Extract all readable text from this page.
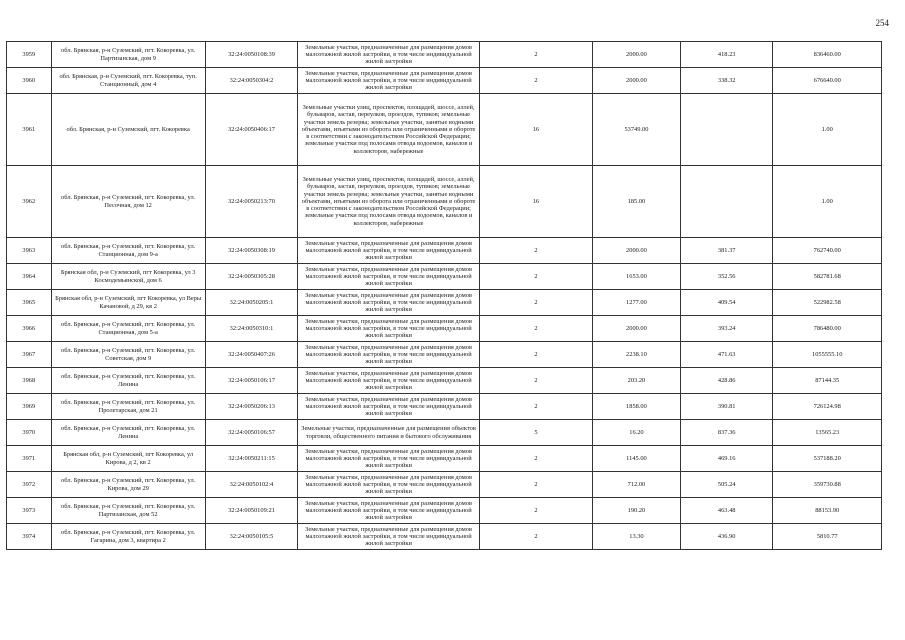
254
3959	обл. Брянская, р-н Суземский, пгт. Кокоревка, ул. Партизанская, дом 9	32:24:0050108:39	Земельные участки, предназначенные для размещения домов малоэтажной жилой застройки, в том числе индивидуальной жилой застройки	2	2000.00	418.23	836460.00
3960	обл. Брянская, р-н Суземский, пгт. Кокоревка, туп. Станционный, дом 4	32:24:0050304:2	Земельные участки, предназначенные для размещения домов малоэтажной жилой застройки, в том числе индивидуальной жилой застройки	2	2000.00	338.32	676640.00
3961	обл. Брянская, р-н Суземский, пгт. Кокоревка	32:24:0050406:17	Земельные участки улиц, проспектов, площадей, шоссе, аллей, бульваров, застав, переулков, проездов, тупиков; земельные участки земель резерва; земельные участки, занятые водными объектами, изъятыми из оборота или ограниченными в обороте в соответствии с законодательством Российской Федерации; земельные участки под полосами отвода водоемов, каналов и коллекторов, набережные	16	53749.00		1.00
3962	обл. Брянская, р-н Суземский, пгт. Кокоревка, ул. Песочная, дом 12	32:24:0050213:70	Земельные участки улиц, проспектов, площадей, шоссе, аллей, бульваров, застав, переулков, проездов, тупиков; земельные участки земель резерва; земельные участки, занятые водными объектами, изъятыми из оборота или ограниченными в обороте в соответствии с законодательством Российской Федерации; земельные участки под полосами отвода водоемов, каналов и коллекторов, набережные	16	185.00		1.00
3963	обл. Брянская, р-н Суземский, пгт. Кокоревка, ул. Станционная, дом 9-а	32:24:0050308:19	Земельные участки, предназначенные для размещения домов малоэтажной жилой застройки, в том числе индивидуальной жилой застройки	2	2000.00	381.37	762740.00
3964	Брянская обл, р-н Суземский, пгт Кокоревка, ул 3 Космодемьянской, дом 6	32:24:0050305:28	Земельные участки, предназначенные для размещения домов малоэтажной жилой застройки, в том числе индивидуальной жилой застройки	2	1653.00	352.56	582781.68
3965	Брянская обл, р-н Суземский, пгт Кокоревка, ул Веры Качановой, д 29, кв 2	32:24:0050205:1	Земельные участки, предназначенные для размещения домов малоэтажной жилой застройки, в том числе индивидуальной жилой застройки	2	1277.00	409.54	522982.58
3966	обл. Брянская, р-н Суземский, пгт. Кокоревка, ул. Станционная, дом 5-а	32:24:0050310:1	Земельные участки, предназначенные для размещения домов малоэтажной жилой застройки, в том числе индивидуальной жилой застройки	2	2000.00	393.24	786480.00
3967	обл. Брянская, р-н Суземский, пгт. Кокоревка, ул. Советская, дом 9	32:24:0050407:26	Земельные участки, предназначенные для размещения домов малоэтажной жилой застройки, в том числе индивидуальной жилой застройки	2	2238.10	471.63	1055555.10
3968	обл. Брянская, р-н Суземский, пгт. Кокоревка, ул. Ленина	32:24:0050106:17	Земельные участки, предназначенные для размещения домов малоэтажной жилой застройки, в том числе индивидуальной жилой застройки	2	203.20	428.86	87144.35
3969	обл. Брянская, р-н Суземский, пгт. Кокоревка, ул. Пролетарская, дом 21	32:24:0050206:13	Земельные участки, предназначенные для размещения домов малоэтажной жилой застройки, в том числе индивидуальной жилой застройки	2	1858.00	390.81	726124.98
3970	обл. Брянская, р-н Суземский, пгт. Кокоревка, ул. Ленина	32:24:0050106:57	Земельные участки, предназначенные для размещения объектов торговли, общественного питания и бытового обслуживания	5	16.20	837.36	13565.23
3971	Брянская обл, р-н Суземский, пгт Кокоревка, ул Кирова, д 2, кв 2	32:24:0050211:15	Земельные участки, предназначенные для размещения домов малоэтажной жилой застройки, в том числе индивидуальной жилой застройки	2	1145.00	469.16	537188.20
3972	обл. Брянская, р-н Суземский, пгт. Кокоревка, ул. Кирова, дом 29	32:24:0050102:4	Земельные участки, предназначенные для размещения домов малоэтажной жилой застройки, в том числе индивидуальной жилой застройки	2	712.00	505.24	359730.88
3973	обл. Брянская, р-н Суземский, пгт. Кокоревка, ул. Партизанская, дом 52	32:24:0050109:21	Земельные участки, предназначенные для размещения домов малоэтажной жилой застройки, в том числе индивидуальной жилой застройки	2	190.20	463.48	88153.90
3974	обл. Брянская, р-н Суземский, пгт. Кокоревка, ул. Гагарина, дом 3, квартира 2	32:24:0050105:5	Земельные участки, предназначенные для размещения домов малоэтажной жилой застройки, в том числе индивидуальной жилой застройки	2	13.30	436.90	5810.77
